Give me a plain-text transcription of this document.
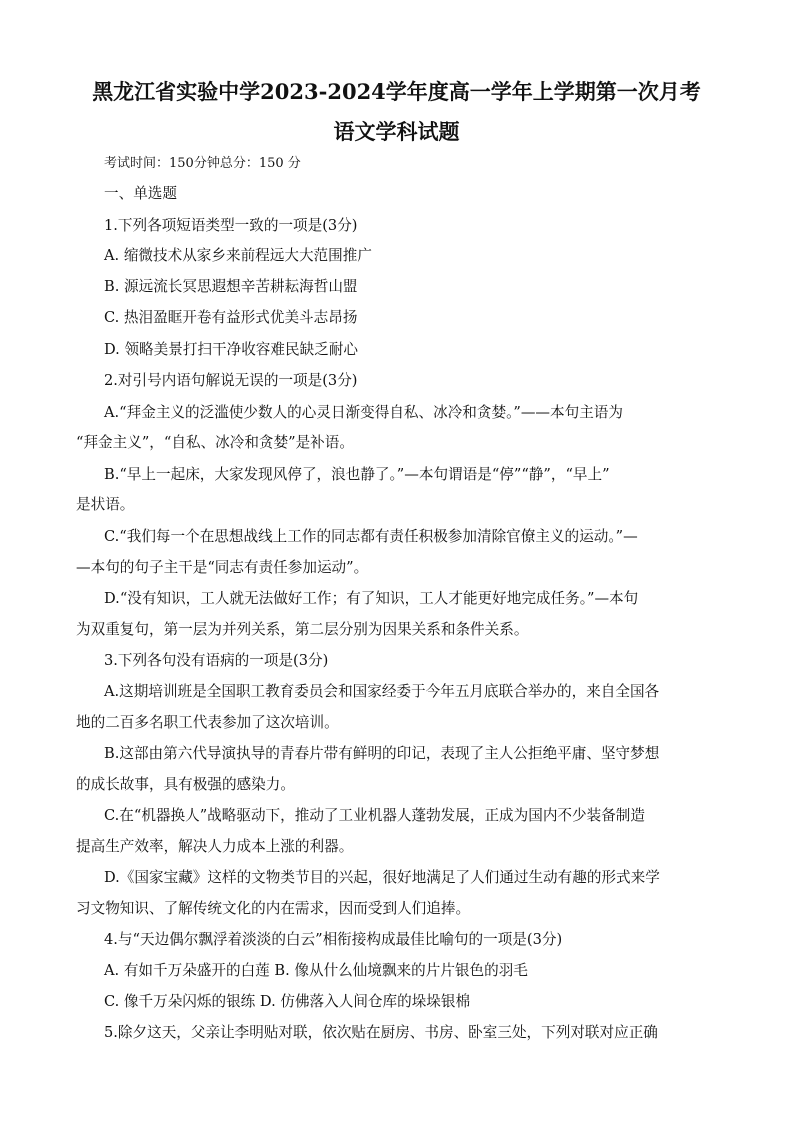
黑龙江省实验中学2023-2024学年度高一学年上学期第一次月考
语文学科试题
考试时间：150分钟总分：150 分
一、单选题
1.下列各项短语类型一致的一项是(3分)
A. 缩微技术从家乡来前程远大大范围推广
B. 源远流长冥思遐想辛苦耕耘海哲山盟
C. 热泪盈眶开卷有益形式优美斗志昂扬
D. 领略美景打扫干净收容难民缺乏耐心
2.对引号内语句解说无误的一项是(3分)
A.“拜金主义的泛滥使少数人的心灵日渐变得自私、冰冷和贪婪。”——本句主语为
“拜金主义”，“自私、冰冷和贪婪”是补语。
B.“早上一起床，大家发现风停了，浪也静了。”—本句谓语是“停”“静”，“早上”
是状语。
C.“我们每一个在思想战线上工作的同志都有责任积极参加清除官僚主义的运动。”—
—本句的句子主干是“同志有责任参加运动”。
D.“没有知识，工人就无法做好工作；有了知识，工人才能更好地完成任务。”—本句
为双重复句，第一层为并列关系，第二层分别为因果关系和条件关系。
3.下列各句没有语病的一项是(3分)
A.这期培训班是全国职工教育委员会和国家经委于今年五月底联合举办的，来自全国各
地的二百多名职工代表参加了这次培训。
B.这部由第六代导演执导的青春片带有鲜明的印记，表现了主人公拒绝平庸、坚守梦想
的成长故事，具有极强的感染力。
C.在“机器换人”战略驱动下，推动了工业机器人蓬勃发展，正成为国内不少装备制造
提高生产效率，解决人力成本上涨的利器。
D.《国家宝藏》这样的文物类节目的兴起，很好地满足了人们通过生动有趣的形式来学
习文物知识、了解传统文化的内在需求，因而受到人们追捧。
4.与“天边偶尔飘浮着淡淡的白云”相衔接构成最佳比喻句的一项是(3分)
A. 有如千万朵盛开的白莲 B. 像从什么仙境飘来的片片银色的羽毛
C. 像千万朵闪烁的银练 D. 仿佛落入人间仓库的垛垛银棉
5.除夕这天，父亲让李明贴对联，依次贴在厨房、书房、卧室三处，下列对联对应正确
